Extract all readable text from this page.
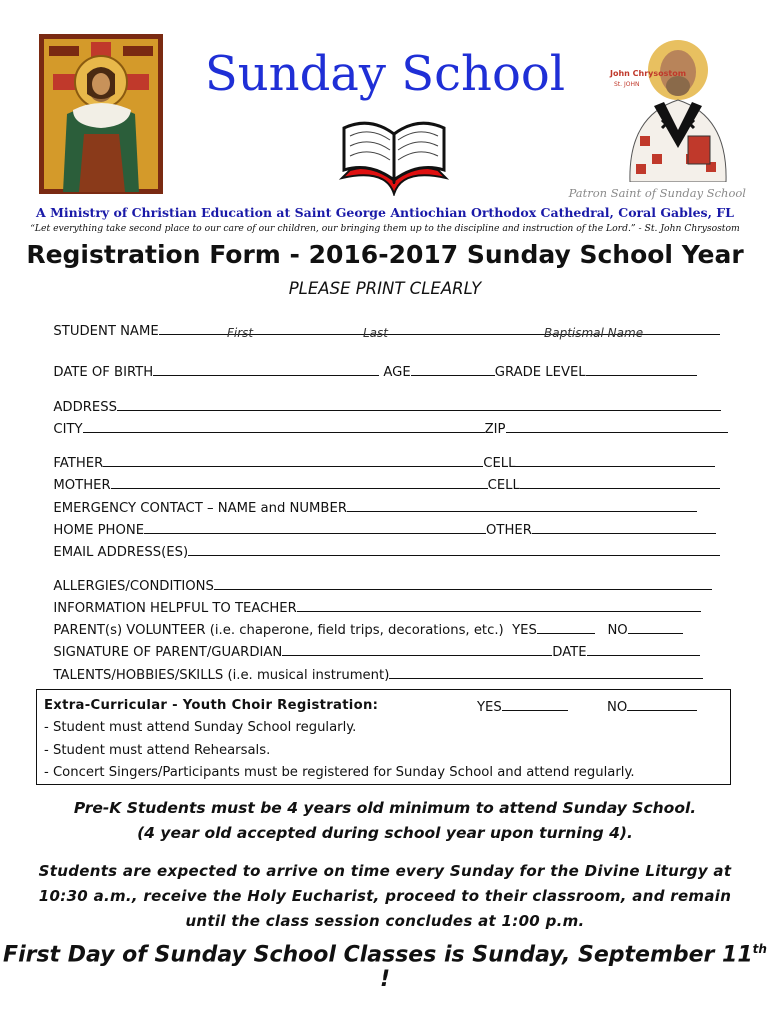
Sunday School	John Chrysostom
St. JOHN
Patron Saint of Sunday School
A Ministry of Christian Education at Saint George Antiochian Orthodox Cathedral, Coral Gables, FL
“Let everything take second place to our care of our children, our bringing them up to the discipline and instruction of the Lord.” - St. John Chrysostom
Registration Form - 2016-2017 Sunday School Year
PLEASE PRINT CLEARLY

STUDENT NAME	First	Last	Baptismal Name

DATE OF BIRTH	AGE	GRADE LEVEL

ADDRESS

CITY	ZIP

FATHER	CELL

MOTHER	CELL

EMERGENCY CONTACT – NAME and NUMBER

HOME PHONE	OTHER

EMAIL ADDRESS(ES)

ALLERGIES/CONDITIONS

INFORMATION HELPFUL TO TEACHER

PARENT(s) VOLUNTEER (i.e. chaperone, field trips, decorations, etc.) YES	NO

SIGNATURE OF PARENT/GUARDIAN	DATE

TALENTS/HOBBIES/SKILLS (i.e. musical instrument)

Extra-Curricular - Youth Choir Registration:	YES	NO
- Student must attend Sunday School regularly.
- Student must attend Rehearsals.
- Concert Singers/Participants must be registered for Sunday School and attend regularly.
Pre-K Students must be 4 years old minimum to attend Sunday School.
(4 year old accepted during school year upon turning 4).
Students are expected to arrive on time every Sunday for the Divine Liturgy at
10:30 a.m., receive the Holy Eucharist, proceed to their classroom, and remain
until the class session concludes at 1:00 p.m.
First Day of Sunday School Classes is Sunday, September 11th !
